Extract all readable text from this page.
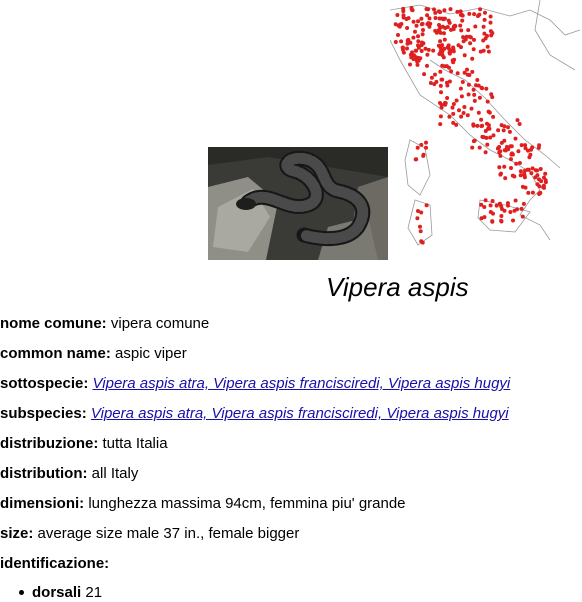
Vipera aspis

nome comune: vipera comune

common name: aspic viper

sottospecie: Vipera aspis atra, Vipera aspis francisciredi, Vipera aspis hugyi

subspecies: Vipera aspis atra, Vipera aspis francisciredi, Vipera aspis hugyi

distribuzione: tutta Italia

distribution: all Italy

dimensioni: lunghezza massima 94cm, femmina piu' grande

size: average size male 37 in., female bigger

identificazione:

dorsali 21
